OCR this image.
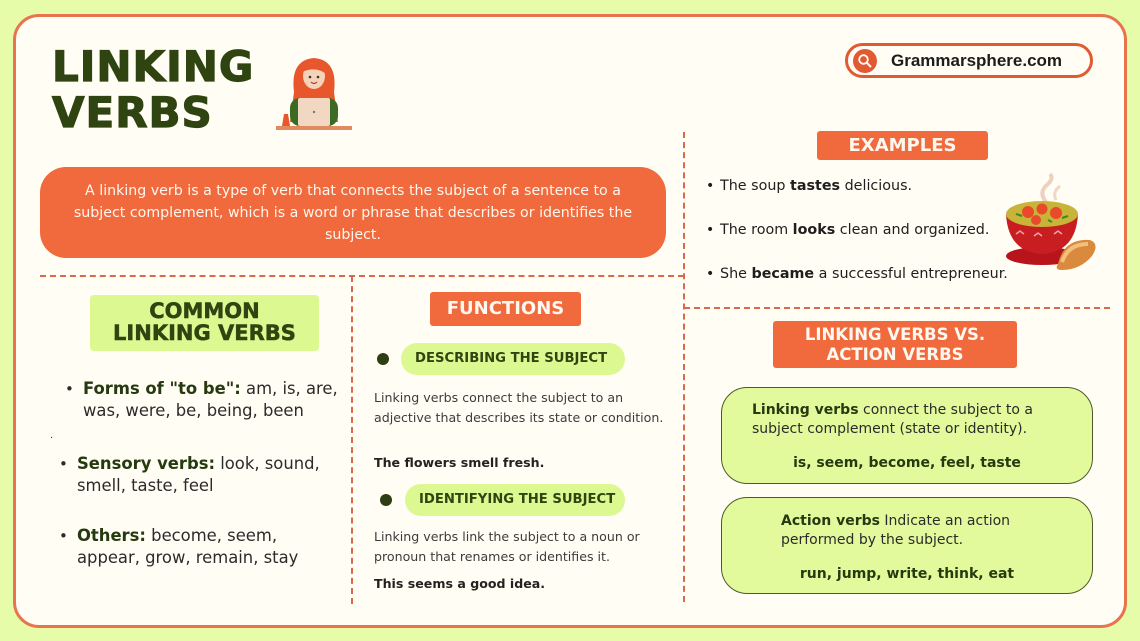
LINKING
VERBS
Grammarsphere.com
A linking verb is a type of verb that connects the subject of a sentence to a subject complement, which is a word or phrase that describes or identifies the subject.
EXAMPLES
• The soup tastes delicious.
• The room looks clean and organized.
• She became a successful entrepreneur.
COMMON
LINKING VERBS
• Forms of "to be": am, is, are, was, were, be, being, been
• Sensory verbs: look, sound, smell, taste, feel
• Others: become, seem, appear, grow, remain, stay
.
FUNCTIONS
DESCRIBING THE SUBJECT
Linking verbs connect the subject to an adjective that describes its state or condition.
The flowers smell fresh.
IDENTIFYING THE SUBJECT
Linking verbs link the subject to a noun or pronoun that renames or identifies it.
This seems a good idea.
LINKING VERBS VS.
ACTION VERBS
Linking verbs connect the subject to a subject complement (state or identity).
is, seem, become, feel, taste
Action verbs Indicate an action performed by the subject.
run, jump, write, think, eat
